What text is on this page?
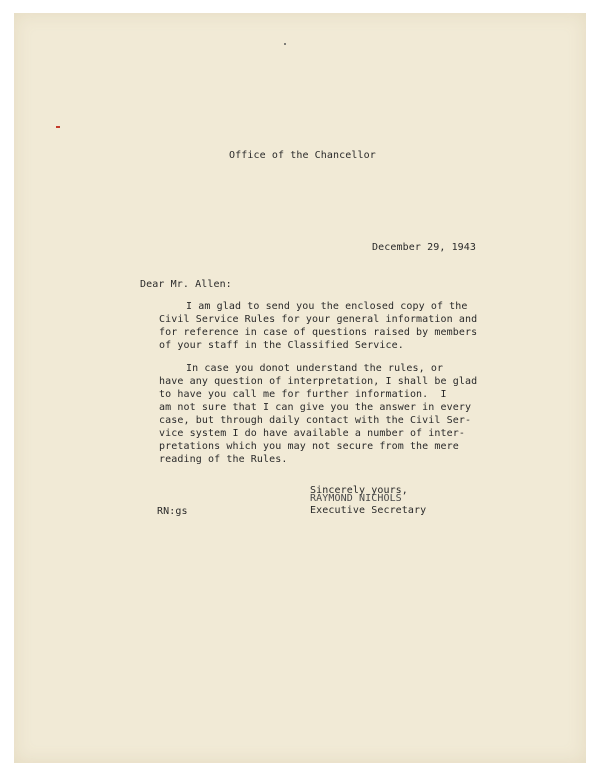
Office of the Chancellor
December 29, 1943
Dear Mr. Allen:
I am glad to send you the enclosed copy of the
Civil Service Rules for your general information and
for reference in case of questions raised by members
of your staff in the Classified Service.
In case you donot understand the rules, or
have any question of interpretation, I shall be glad
to have you call me for further information.  I
am not sure that I can give you the answer in every
case, but through daily contact with the Civil Ser-
vice system I do have available a number of inter-
pretations which you may not secure from the mere
reading of the Rules.
Sincerely yours,
RAYMOND NICHOLS
Executive Secretary
RN:gs
